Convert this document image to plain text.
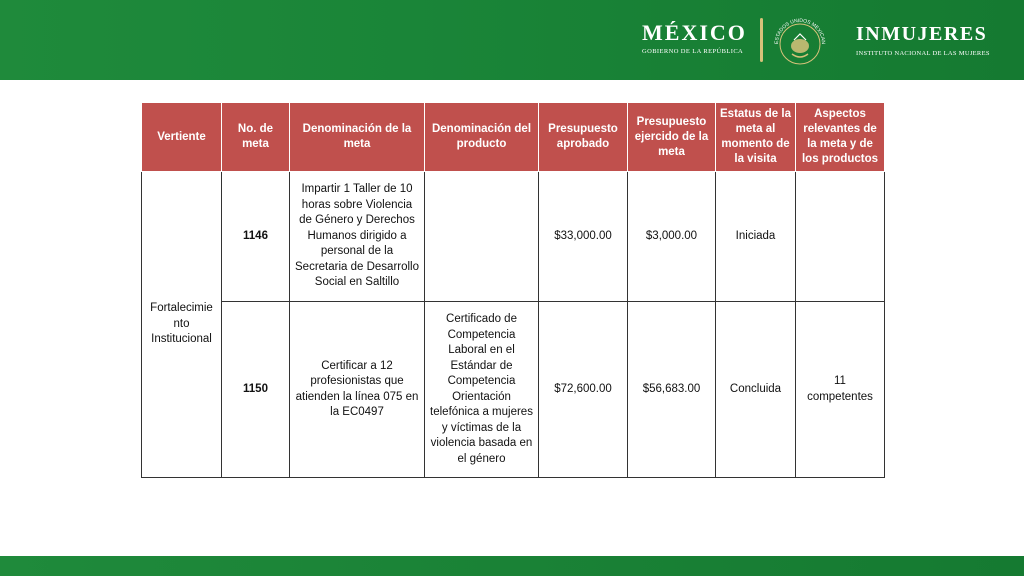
MÉXICO
GOBIERNO DE LA REPÚBLICA
ESTADOS UNIDOS MEXICAN INMUJERES
INSTITUTO NACIONAL DE LAS MUJERES
Vertiente	No. de meta	Denominación de la meta	Denominación del producto	Presupuesto aprobado	Presupuesto ejercido de la meta	Estatus de la meta al momento de la visita	Aspectos relevantes de la meta y de los productos
Fortalecimie nto Institucional	1146	Impartir 1 Taller de 10 horas sobre Violencia de Género y Derechos Humanos dirigido a personal de la Secretaria de Desarrollo Social en Saltillo		$33,000.00	$3,000.00	Iniciada	
	1150	Certificar a 12 profesionistas que atienden la línea 075 en la EC0497	Certificado de Competencia Laboral en el Estándar de Competencia Orientación telefónica a mujeres y víctimas de la violencia basada en el género	$72,600.00	$56,683.00	Concluida	11 competentes
